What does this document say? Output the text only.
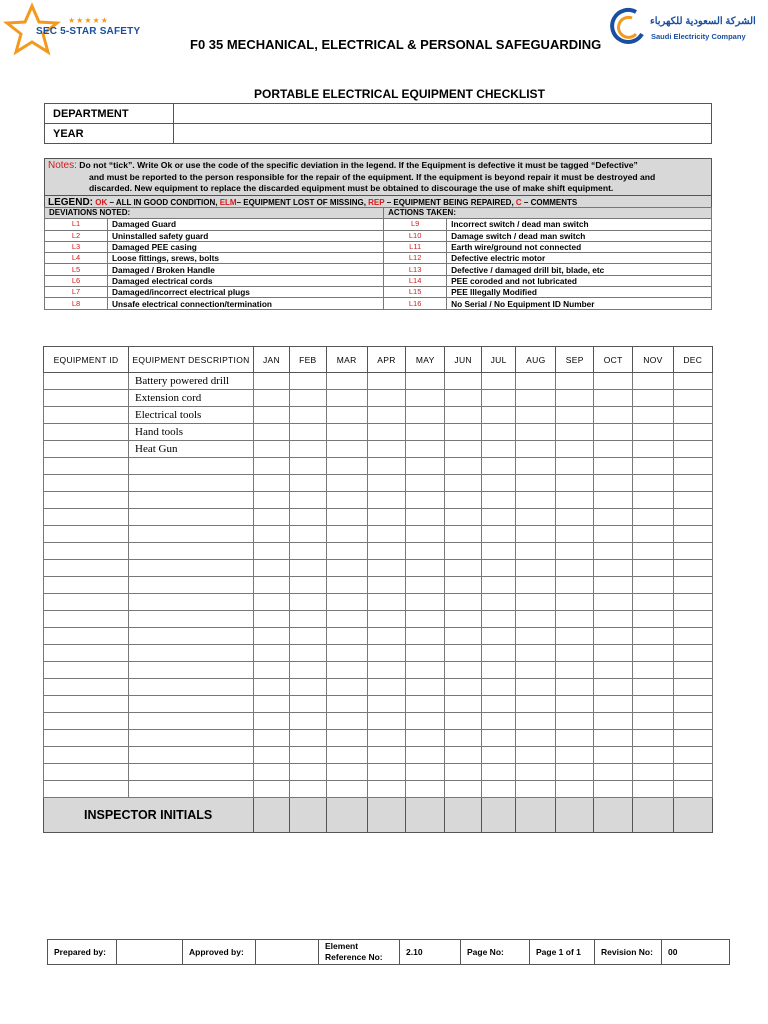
★★★★★
SEC 5-STAR SAFETY
الشركة السعودية للكهرباء
Saudi Electricity Company
F0 35 MECHANICAL, ELECTRICAL & PERSONAL SAFEGUARDING
PORTABLE ELECTRICAL EQUIPMENT CHECKLIST
DEPARTMENT	
YEAR	
Notes: Do not “tick”. Write Ok or use the code of the specific deviation in the legend. If the Equipment is defective it must be tagged “Defective”
and must be reported to the person responsible for the repair of the equipment. If the equipment is beyond repair it must be destroyed and
discarded. New equipment to replace the discarded equipment must be obtained to discourage the use of make shift equipment.
LEGEND: OK – ALL IN GOOD CONDITION, ELM– EQUIPMENT LOST OF MISSING, REP – EQUIPMENT BEING REPAIRED, C – COMMENTS
DEVIATIONS NOTED:		ACTIONS TAKEN:	
L1	Damaged Guard	L9	Incorrect switch / dead man switch
L2	Uninstalled safety guard	L10	Damage switch / dead man switch
L3	Damaged PEE casing	L11	Earth wire/ground not connected
L4	Loose fittings, srews, bolts	L12	Defective electric motor
L5	Damaged / Broken Handle	L13	Defective / damaged drill bit, blade, etc
L6	Damaged electrical cords	L14	PEE coroded and not lubricated
L7	Damaged/incorrect electrical plugs	L15	PEE Illegally Modified
L8	Unsafe electrical connection/termination	L16	No Serial / No Equipment ID Number
EQUIPMENT ID	EQUIPMENT DESCRIPTION	JAN	FEB	MAR	APR	MAY	JUN	JUL	AUG	SEP	OCT	NOV	DEC
	Battery powered drill												
	Extension cord												
	Electrical tools												
	Hand tools												
	Heat Gun												

INSPECTOR INITIALS													
Prepared by:		Approved by:		Element Reference No:	2.10	Page No:	Page 1 of 1	Revision No:	00
